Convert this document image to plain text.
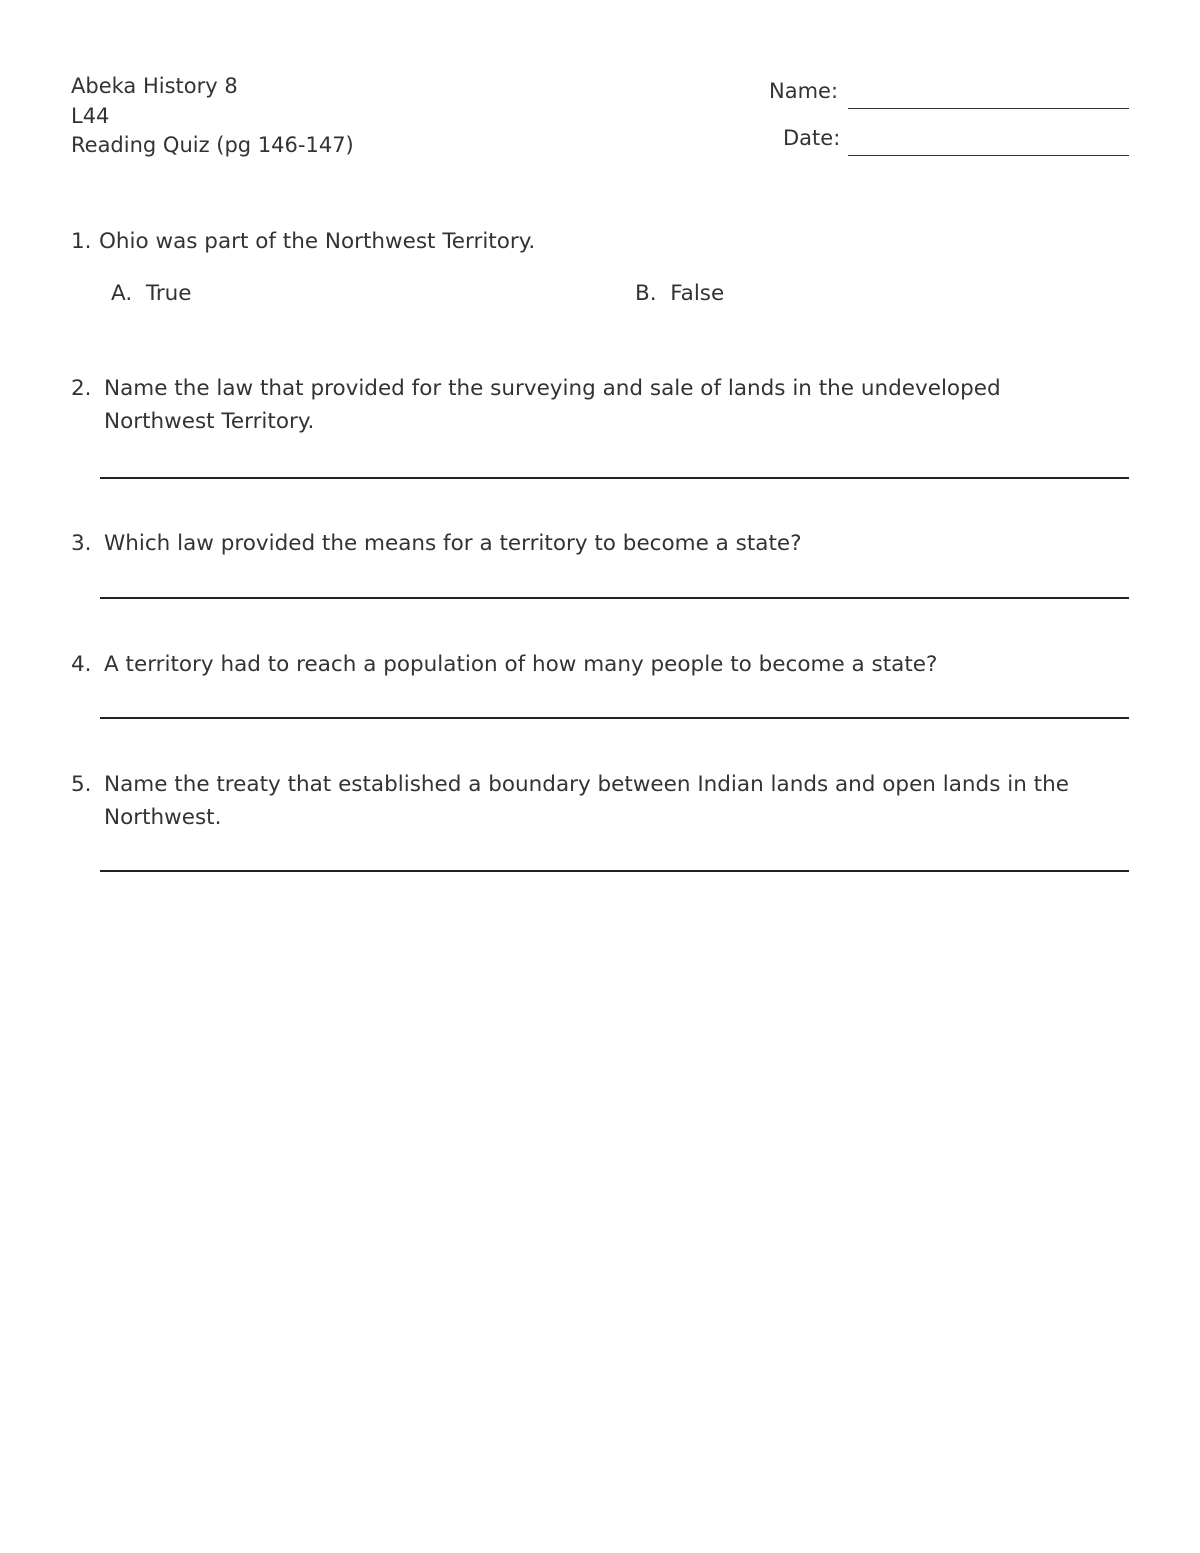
Abeka History 8
L44
Reading Quiz (pg 146-147)
Name:
Date:
1. Ohio was part of the Northwest Territory.
A. True	B. False
2. Name the law that provided for the surveying and sale of lands in the undeveloped Northwest Territory.
3. Which law provided the means for a territory to become a state?
4. A territory had to reach a population of how many people to become a state?
5. Name the treaty that established a boundary between Indian lands and open lands in the Northwest.
